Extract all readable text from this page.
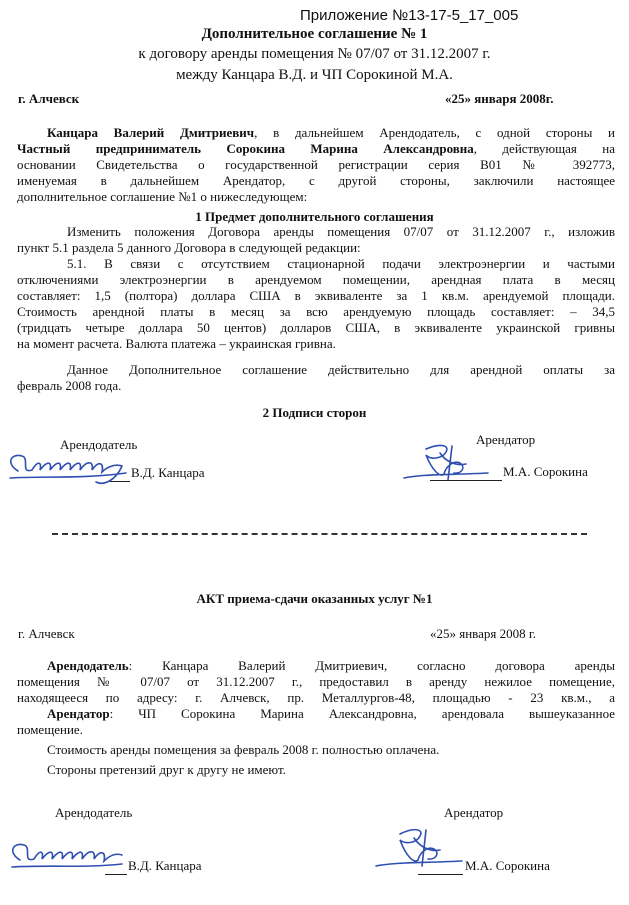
Приложение №13-17-5_17_005
Дополнительное соглашение № 1
к договору аренды помещения № 07/07 от 31.12.2007 г.
между Канцара В.Д. и ЧП Сорокиной М.А.
г. Алчевск	«25» января 2008г.
Канцара Валерий Дмитриевич, в дальнейшем Арендодатель, с одной стороны и
Частный предприниматель Сорокина Марина Александровна, действующая на
основании Свидетельства о государственной регистрации серия В01 № 392773,
именуемая в дальнейшем Арендатор, с другой стороны, заключили настоящее
дополнительное соглашение №1 о нижеследующем:
1 Предмет дополнительного соглашения
Изменить положения Договора аренды помещения 07/07 от 31.12.2007 г., изложив
пункт 5.1 раздела 5 данного Договора в следующей редакции:
5.1. В связи с отсутствием стационарной подачи электроэнергии и частыми
отключениями электроэнергии в арендуемом помещении, арендная плата в месяц
составляет: 1,5 (полтора) доллара США в эквиваленте за 1 кв.м. арендуемой площади.
Стоимость арендной платы в месяц за всю арендуемую площадь составляет: – 34,5
(тридцать четыре доллара 50 центов) долларов США, в эквиваленте украинской гривны
на момент расчета. Валюта платежа – украинская гривна.
Данное Дополнительное соглашение действительно для арендной оплаты за
февраль 2008 года.
2 Подписи сторон
Арендодатель	Арендатор
В.Д. Канцара	М.А. Сорокина
АКТ приема-сдачи оказанных услуг №1
г. Алчевск	«25» января 2008 г.
Арендодатель: Канцара Валерий Дмитриевич, согласно договора аренды
помещения № 07/07 от 31.12.2007 г., предоставил в аренду нежилое помещение,
находящееся по адресу: г. Алчевск, пр. Металлургов-48, площадью - 23 кв.м., а
Арендатор: ЧП Сорокина Марина Александровна, арендовала вышеуказанное
помещение.
Стоимость аренды помещения за февраль 2008 г. полностью оплачена.
Стороны претензий друг к другу не имеют.
Арендодатель	Арендатор
В.Д. Канцара	М.А. Сорокина
